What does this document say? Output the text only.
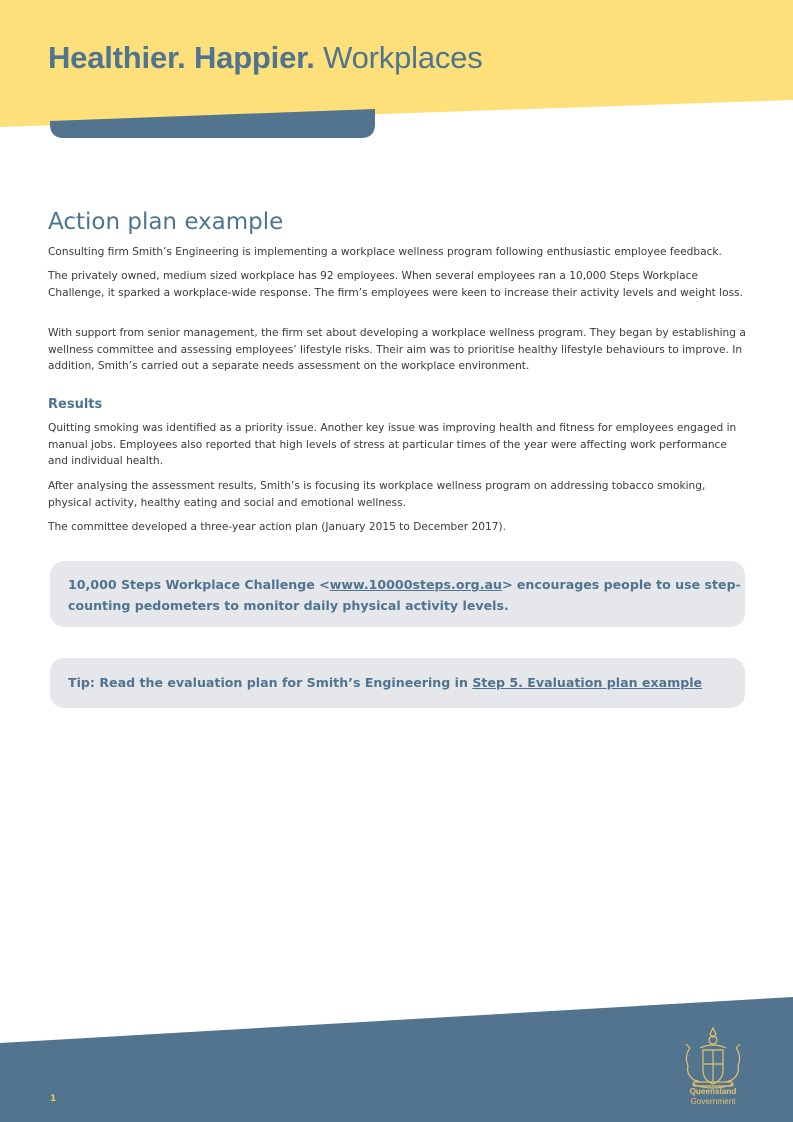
Healthier. Happier. Workplaces
Action plan example

Consulting firm Smith’s Engineering is implementing a workplace wellness program following enthusiastic employee feedback.

The privately owned, medium sized workplace has 92 employees. When several employees ran a 10,000 Steps Workplace Challenge, it sparked a workplace-wide response. The firm’s employees were keen to increase their activity levels and weight loss.

With support from senior management, the firm set about developing a workplace wellness program. They began by establishing a wellness committee and assessing employees’ lifestyle risks. Their aim was to prioritise healthy lifestyle behaviours to improve. In addition, Smith’s carried out a separate needs assessment on the workplace environment.

Results

Quitting smoking was identified as a priority issue. Another key issue was improving health and fitness for employees engaged in manual jobs. Employees also reported that high levels of stress at particular times of the year were affecting work performance and individual health.

After analysing the assessment results, Smith’s is focusing its workplace wellness program on addressing tobacco smoking, physical activity, healthy eating and social and emotional wellness.

The committee developed a three-year action plan (January 2015 to December 2017).

10,000 Steps Workplace Challenge <www.10000steps.org.au> encourages people to use step-counting pedometers to monitor daily physical activity levels.
Tip: Read the evaluation plan for Smith’s Engineering in Step 5. Evaluation plan example
1
Queensland
Government
